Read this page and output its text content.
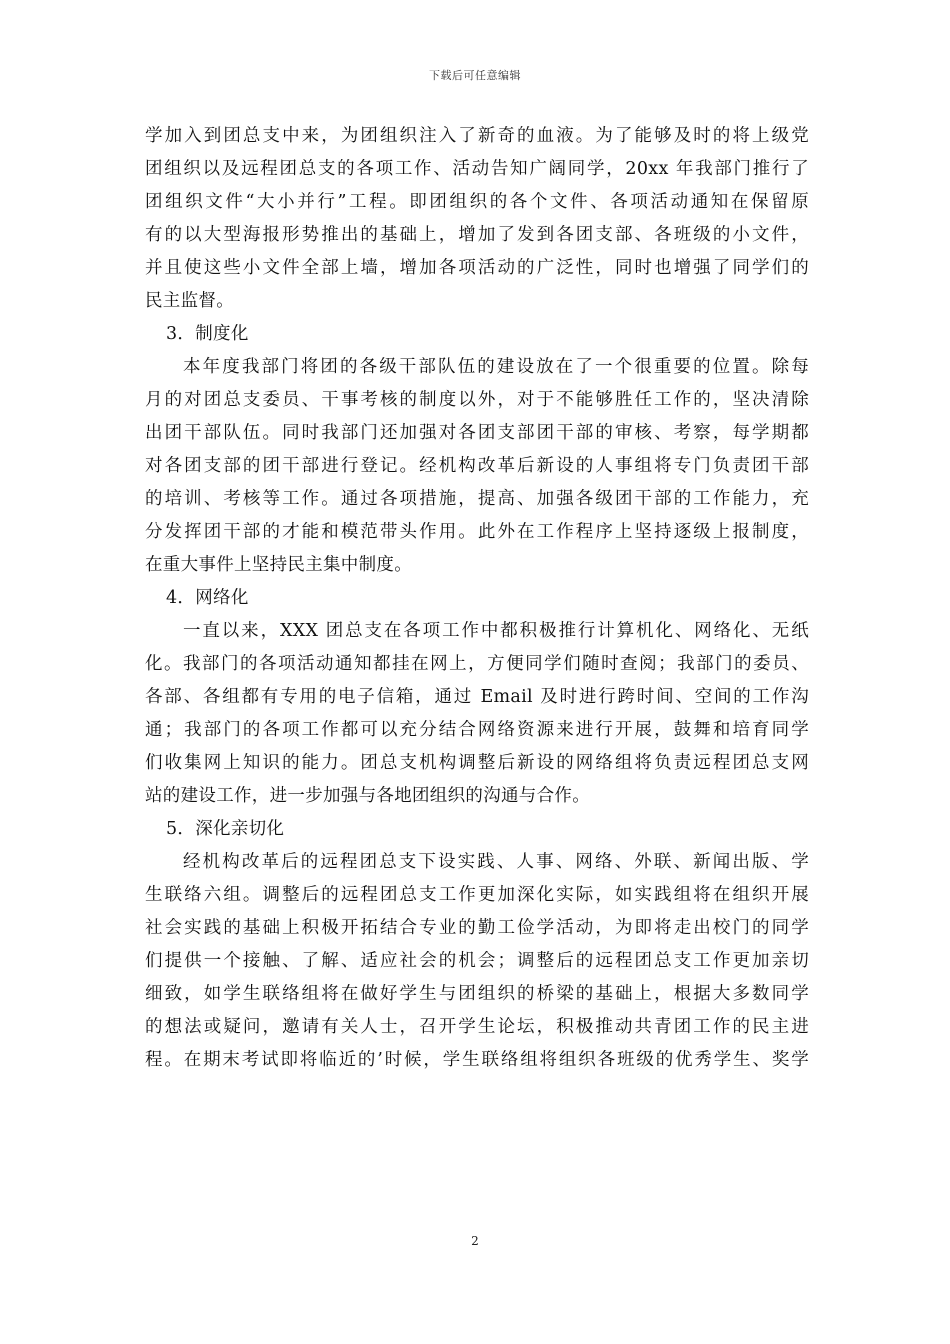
下载后可任意编辑
学加入到团总支中来，为团组织注入了新奇的血液。为了能够及时的将上级党
团组织以及远程团总支的各项工作、活动告知广阔同学，20xx 年我部门推行了
团组织文件“大小并行”工程。即团组织的各个文件、各项活动通知在保留原
有的以大型海报形势推出的基础上，增加了发到各团支部、各班级的小文件，
并且使这些小文件全部上墙，增加各项活动的广泛性，同时也增强了同学们的
民主监督。
3．制度化
本年度我部门将团的各级干部队伍的建设放在了一个很重要的位置。除每
月的对团总支委员、干事考核的制度以外，对于不能够胜任工作的，坚决清除
出团干部队伍。同时我部门还加强对各团支部团干部的审核、考察，每学期都
对各团支部的团干部进行登记。经机构改革后新设的人事组将专门负责团干部
的培训、考核等工作。通过各项措施，提高、加强各级团干部的工作能力，充
分发挥团干部的才能和模范带头作用。此外在工作程序上坚持逐级上报制度，
在重大事件上坚持民主集中制度。
4．网络化
一直以来，XXX 团总支在各项工作中都积极推行计算机化、网络化、无纸
化。我部门的各项活动通知都挂在网上，方便同学们随时查阅；我部门的委员、
各部、各组都有专用的电子信箱，通过 Email 及时进行跨时间、空间的工作沟
通；我部门的各项工作都可以充分结合网络资源来进行开展，鼓舞和培育同学
们收集网上知识的能力。团总支机构调整后新设的网络组将负责远程团总支网
站的建设工作，进一步加强与各地团组织的沟通与合作。
5．深化亲切化
经机构改革后的远程团总支下设实践、人事、网络、外联、新闻出版、学
生联络六组。调整后的远程团总支工作更加深化实际，如实践组将在组织开展
社会实践的基础上积极开拓结合专业的勤工俭学活动，为即将走出校门的同学
们提供一个接触、了解、适应社会的机会；调整后的远程团总支工作更加亲切
细致，如学生联络组将在做好学生与团组织的桥梁的基础上，根据大多数同学
的想法或疑问，邀请有关人士，召开学生论坛，积极推动共青团工作的民主进
程。在期末考试即将临近的’时候，学生联络组将组织各班级的优秀学生、奖学
2
